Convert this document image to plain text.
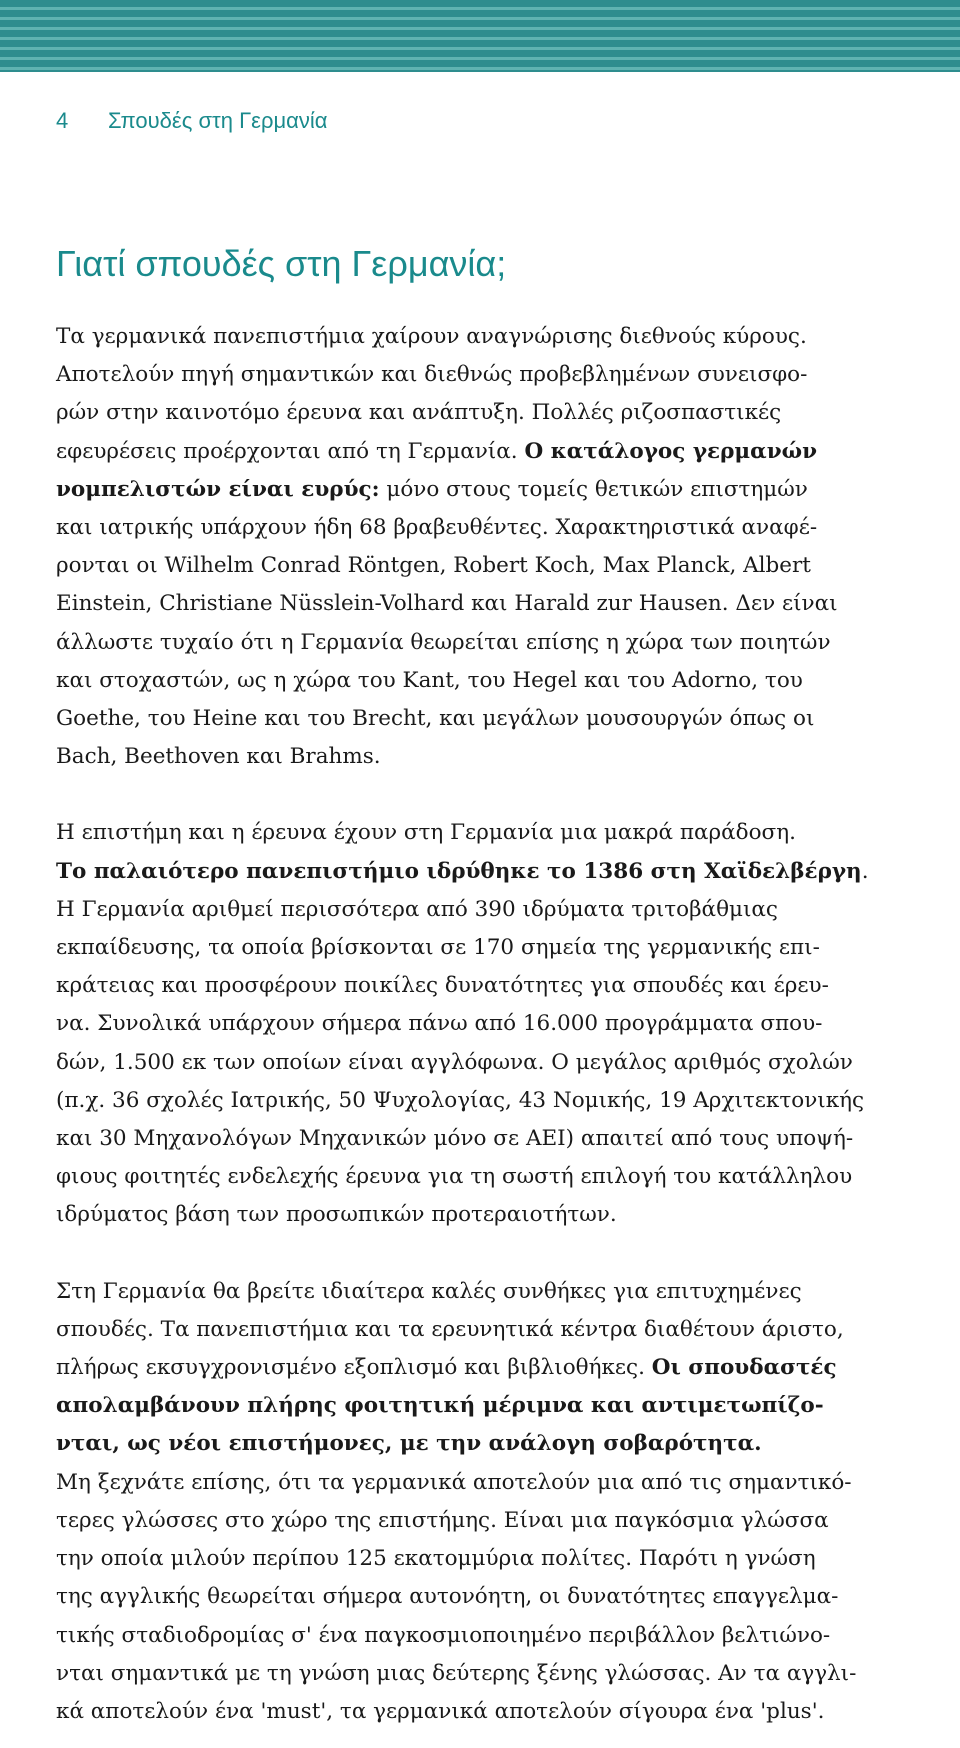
4 Σπουδές στη Γερμανία
Γιατί σπουδές στη Γερμανία;

Τα γερμανικά πανεπιστήμια χαίρουν αναγνώρισης διεθνούς κύρους.
Αποτελούν πηγή σημαντικών και διεθνώς προβεβλημένων συνεισφο-
ρών στην καινοτόμο έρευνα και ανάπτυξη. Πολλές ριζοσπαστικές
εφευρέσεις προέρχονται από τη Γερμανία. Ο κατάλογος γερμανών
νομπελιστών είναι ευρύς: μόνο στους τομείς θετικών επιστημών
και ιατρικής υπάρχουν ήδη 68 βραβευθέντες. Χαρακτηριστικά αναφέ-
ρονται οι Wilhelm Conrad Röntgen, Robert Koch, Max Planck, Albert
Einstein, Christiane Nüsslein-Volhard και Harald zur Hausen. Δεν είναι
άλλωστε τυχαίο ότι η Γερμανία θεωρείται επίσης η χώρα των ποιητών
και στοχαστών, ως η χώρα του Kant, του Hegel και του Adorno, του
Goethe, του Heine και του Brecht, και μεγάλων μουσουργών όπως οι
Bach, Beethoven και Brahms.

Η επιστήμη και η έρευνα έχουν στη Γερμανία μια μακρά παράδοση.
Το παλαιότερο πανεπιστήμιο ιδρύθηκε το 1386 στη Χαϊδελβέργη.
Η Γερμανία αριθμεί περισσότερα από 390 ιδρύματα τριτοβάθμιας
εκπαίδευσης, τα οποία βρίσκονται σε 170 σημεία της γερμανικής επι-
κράτειας και προσφέρουν ποικίλες δυνατότητες για σπουδές και έρευ-
να. Συνολικά υπάρχουν σήμερα πάνω από 16.000 προγράμματα σπου-
δών, 1.500 εκ των οποίων είναι αγγλόφωνα. Ο μεγάλος αριθμός σχολών
(π.χ. 36 σχολές Ιατρικής, 50 Ψυχολογίας, 43 Νομικής, 19 Αρχιτεκτονικής
και 30 Μηχανολόγων Μηχανικών μόνο σε ΑΕΙ) απαιτεί από τους υποψή-
φιους φοιτητές ενδελεχής έρευνα για τη σωστή επιλογή του κατάλληλου
ιδρύματος βάση των προσωπικών προτεραιοτήτων.

Στη Γερμανία θα βρείτε ιδιαίτερα καλές συνθήκες για επιτυχημένες
σπουδές. Τα πανεπιστήμια και τα ερευνητικά κέντρα διαθέτουν άριστο,
πλήρως εκσυγχρονισμένο εξοπλισμό και βιβλιοθήκες. Οι σπουδαστές
απολαμβάνουν πλήρης φοιτητική μέριμνα και αντιμετωπίζο-
νται, ως νέοι επιστήμονες, με την ανάλογη σοβαρότητα.
Μη ξεχνάτε επίσης, ότι τα γερμανικά αποτελούν μια από τις σημαντικό-
τερες γλώσσες στο χώρο της επιστήμης. Είναι μια παγκόσμια γλώσσα
την οποία μιλούν περίπου 125 εκατομμύρια πολίτες. Παρότι η γνώση
της αγγλικής θεωρείται σήμερα αυτονόητη, οι δυνατότητες επαγγελμα-
τικής σταδιοδρομίας σ' ένα παγκοσμιοποιημένο περιβάλλον βελτιώνο-
νται σημαντικά με τη γνώση μιας δεύτερης ξένης γλώσσας. Αν τα αγγλι-
κά αποτελούν ένα 'must', τα γερμανικά αποτελούν σίγουρα ένα 'plus'.
